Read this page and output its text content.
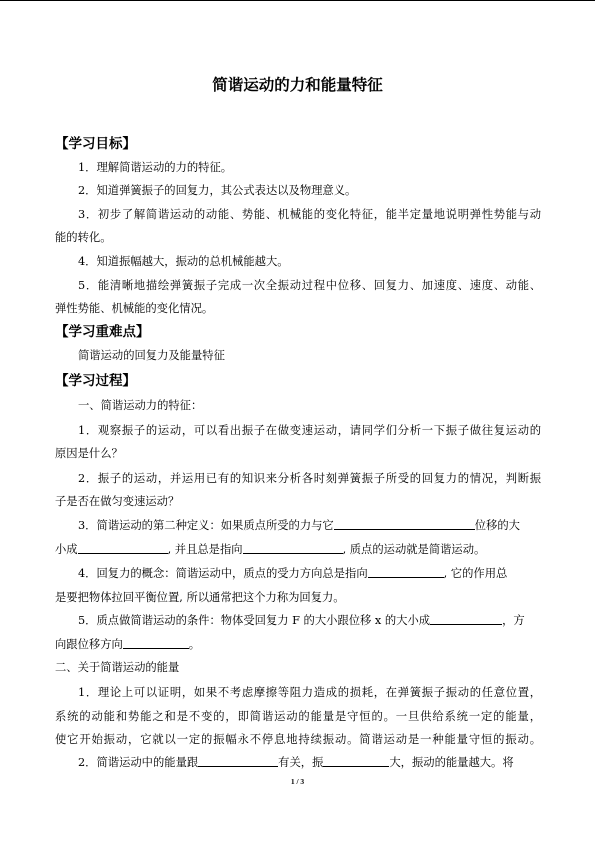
简谐运动的力和能量特征
【学习目标】
1．理解简谐运动的力的特征。
2．知道弹簧振子的回复力，其公式表达以及物理意义。
3．初步了解简谐运动的动能、势能、机械能的变化特征，能半定量地说明弹性势能与动
能的转化。
4．知道振幅越大，振动的总机械能越大。
5．能清晰地描绘弹簧振子完成一次全振动过程中位移、回复力、加速度、速度、动能、
弹性势能、机械能的变化情况。
【学习重难点】
简谐运动的回复力及能量特征
【学习过程】
一、简谐运动力的特征：
1．观察振子的运动，可以看出振子在做变速运动，请同学们分析一下振子做往复运动的
原因是什么？
2．振子的运动，并运用已有的知识来分析各时刻弹簧振子所受的回复力的情况，判断振
子是否在做匀变速运动？
3．简谐运动的第二种定义：如果质点所受的力与它	位移的大
小成	, 并且总是指向	, 质点的运动就是简谐运动。
4．回复力的概念：简谐运动中，质点的受力方向总是指向	, 它的作用总
是要把物体拉回平衡位置, 所以通常把这个力称为回复力。
5．质点做简谐运动的条件：物体受回复力 F 的大小跟位移 x 的大小成	，方
向跟位移方向	。
二、关于简谐运动的能量
1．理论上可以证明，如果不考虑摩擦等阻力造成的损耗，在弹簧振子振动的任意位置，
系统的动能和势能之和是不变的，即简谐运动的能量是守恒的。一旦供给系统一定的能量，
使它开始振动，它就以一定的振幅永不停息地持续振动。简谐运动是一种能量守恒的振动。
2．简谐运动中的能量跟	有关，振	大，振动的能量越大。将
1 / 3
